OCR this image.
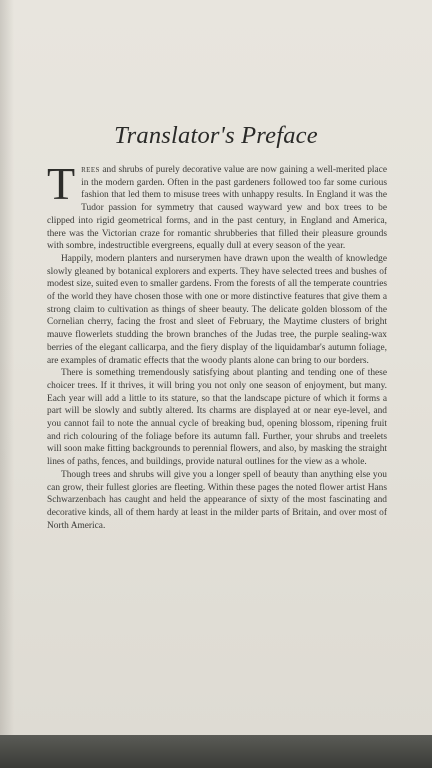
Translator's Preface

Trees and shrubs of purely decorative value are now gaining a well-merited place in the modern garden. Often in the past gardeners followed too far some curious fashion that led them to misuse trees with unhappy results. In England it was the Tudor passion for symmetry that caused wayward yew and box trees to be clipped into rigid geometrical forms, and in the past century, in England and America, there was the Victorian craze for romantic shrubberies that filled their pleasure grounds with sombre, indestructible evergreens, equally dull at every season of the year.

Happily, modern planters and nurserymen have drawn upon the wealth of knowledge slowly gleaned by botanical explorers and experts. They have selected trees and bushes of modest size, suited even to smaller gardens. From the forests of all the temperate countries of the world they have chosen those with one or more distinctive features that give them a strong claim to cultivation as things of sheer beauty. The delicate golden blossom of the Cornelian cherry, facing the frost and sleet of February, the Maytime clusters of bright mauve flowerlets studding the brown branches of the Judas tree, the purple sealing-wax berries of the elegant callicarpa, and the fiery display of the liquidambar's autumn foliage, are examples of dramatic effects that the woody plants alone can bring to our borders.

There is something tremendously satisfying about planting and tending one of these choicer trees. If it thrives, it will bring you not only one season of enjoyment, but many. Each year will add a little to its stature, so that the landscape picture of which it forms a part will be slowly and subtly altered. Its charms are displayed at or near eye-level, and you cannot fail to note the annual cycle of breaking bud, opening blossom, ripening fruit and rich colouring of the foliage before its autumn fall. Further, your shrubs and treelets will soon make fitting backgrounds to perennial flowers, and also, by masking the straight lines of paths, fences, and buildings, provide natural outlines for the view as a whole.

Though trees and shrubs will give you a longer spell of beauty than anything else you can grow, their fullest glories are fleeting. Within these pages the noted flower artist Hans Schwarzenbach has caught and held the appearance of sixty of the most fascinating and decorative kinds, all of them hardy at least in the milder parts of Britain, and over most of North America.
